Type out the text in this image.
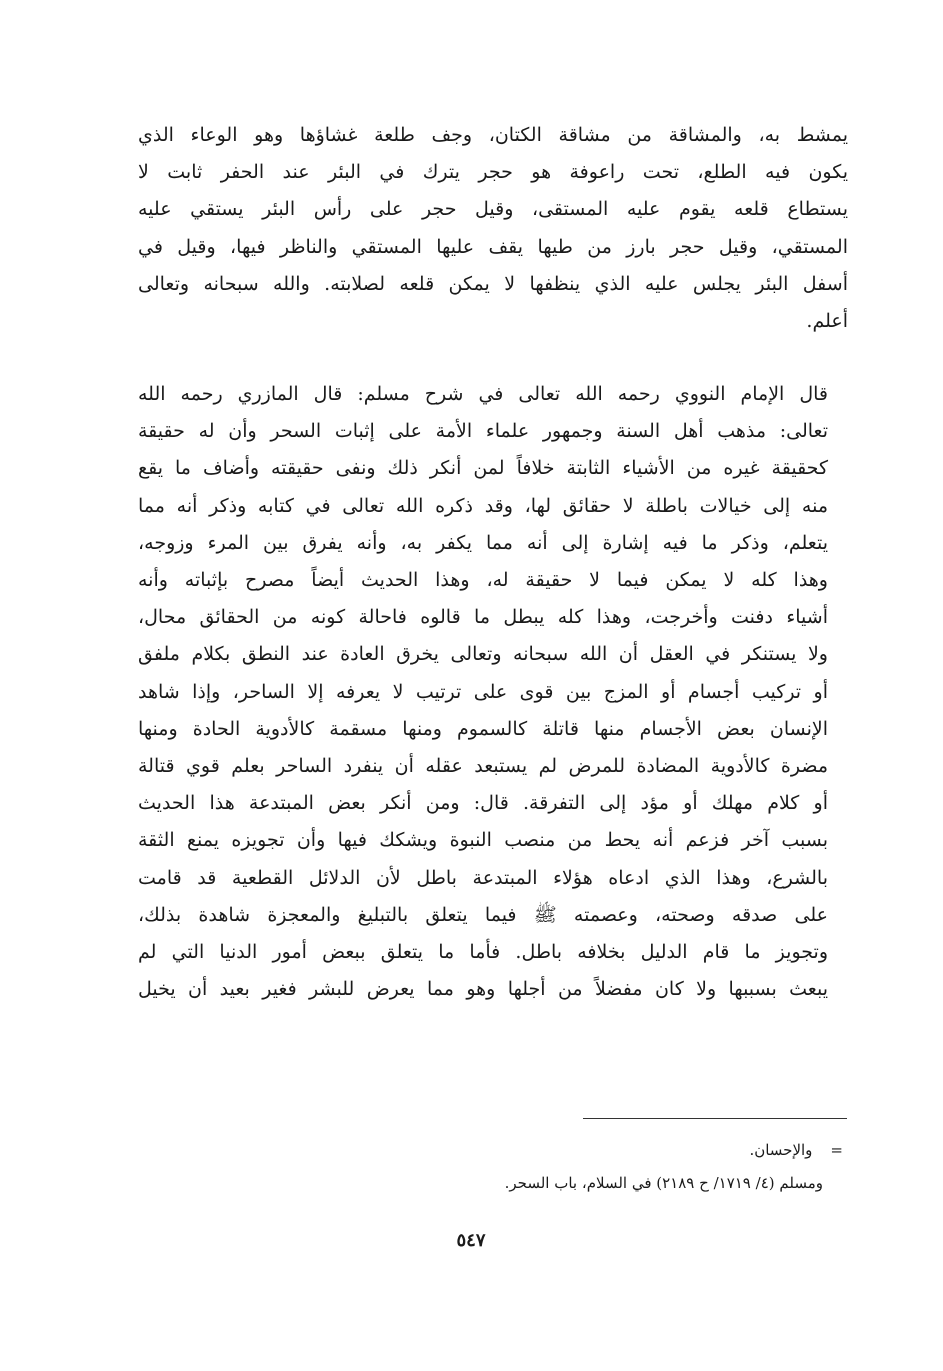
يمشط به، والمشاقة من مشاقة الكتان، وجف طلعة غشاؤها وهو الوعاء الذي
يكون فيه الطلع، تحت راعوفة هو حجر يترك في البئر عند الحفر ثابت لا
يستطاع قلعه يقوم عليه المستقى، وقيل حجر على رأس البئر يستقي عليه
المستقي، وقيل حجر بارز من طيها يقف عليها المستقي والناظر فيها، وقيل في
أسفل البئر يجلس عليه الذي ينظفها لا يمكن قلعه لصلابته. والله سبحانه وتعالى
أعلم.
قال الإمام النووي رحمه الله تعالى في شرح مسلم: قال المازري رحمه الله
تعالى: مذهب أهل السنة وجمهور علماء الأمة على إثبات السحر وأن له حقيقة
كحقيقة غيره من الأشياء الثابتة خلافاً لمن أنكر ذلك ونفى حقيقته وأضاف ما يقع
منه إلى خيالات باطلة لا حقائق لها، وقد ذكره الله تعالى في كتابه وذكر أنه مما
يتعلم، وذكر ما فيه إشارة إلى أنه مما يكفر به، وأنه يفرق بين المرء وزوجه،
وهذا كله لا يمكن فيما لا حقيقة له، وهذا الحديث أيضاً مصرح بإثباته وأنه
أشياء دفنت وأخرجت، وهذا كله يبطل ما قالوه فاحالة كونه من الحقائق محال،
ولا يستنكر في العقل أن الله سبحانه وتعالى يخرق العادة عند النطق بكلام ملفق
أو تركيب أجسام أو المزج بين قوى على ترتيب لا يعرفه إلا الساحر، وإذا شاهد
الإنسان بعض الأجسام منها قاتلة كالسموم ومنها مسقمة كالأدوية الحادة ومنها
مضرة كالأدوية المضادة للمرض لم يستبعد عقله أن ينفرد الساحر بعلم قوي قتالة
أو كلام مهلك أو مؤد إلى التفرقة. قال: ومن أنكر بعض المبتدعة هذا الحديث
بسبب آخر فزعم أنه يحط من منصب النبوة ويشكك فيها وأن تجويزه يمنع الثقة
بالشرع، وهذا الذي ادعاه هؤلاء المبتدعة باطل لأن الدلائل القطعية قد قامت
على صدقه وصحته، وعصمته ﷺ فيما يتعلق بالتبليغ والمعجزة شاهدة بذلك،
وتجويز ما قام الدليل بخلافه باطل. فأما ما يتعلق ببعض أمور الدنيا التي لم
يبعث بسببها ولا كان مفضلاً من أجلها وهو مما يعرض للبشر فغير بعيد أن يخيل
=والإحسان.
ومسلم (٤/ ١٧١٩/ ح ٢١٨٩) في السلام، باب السحر.
٥٤٧
